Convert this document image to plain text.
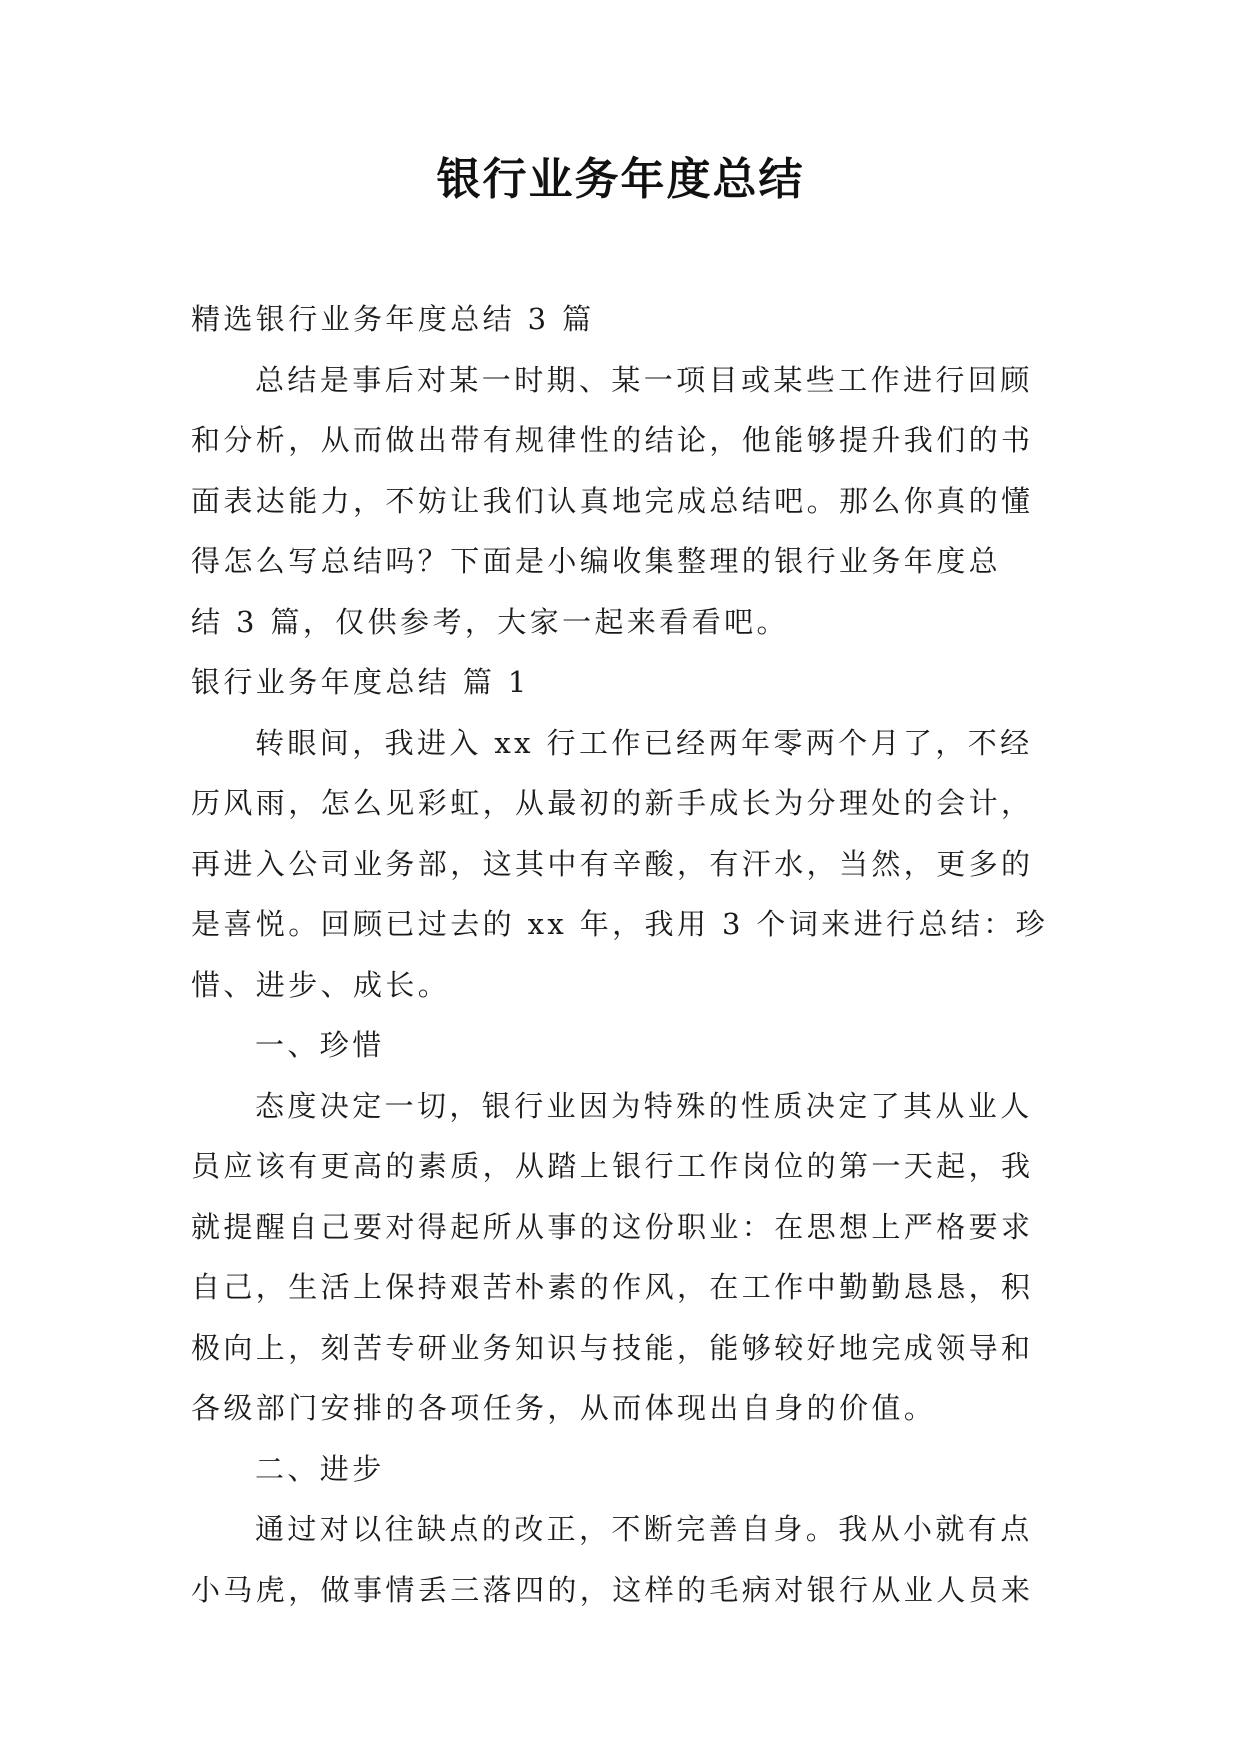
银行业务年度总结

精选银行业务年度总结 3 篇

总结是事后对某一时期、某一项目或某些工作进行回顾

和分析，从而做出带有规律性的结论，他能够提升我们的书

面表达能力，不妨让我们认真地完成总结吧。那么你真的懂

得怎么写总结吗？下面是小编收集整理的银行业务年度总

结 3 篇，仅供参考，大家一起来看看吧。

银行业务年度总结 篇 1

转眼间，我进入 xx 行工作已经两年零两个月了，不经

历风雨，怎么见彩虹，从最初的新手成长为分理处的会计，

再进入公司业务部，这其中有辛酸，有汗水，当然，更多的

是喜悦。回顾已过去的 xx 年，我用 3 个词来进行总结：珍

惜、进步、成长。

一、珍惜

态度决定一切，银行业因为特殊的性质决定了其从业人

员应该有更高的素质，从踏上银行工作岗位的第一天起，我

就提醒自己要对得起所从事的这份职业：在思想上严格要求

自己，生活上保持艰苦朴素的作风，在工作中勤勤恳恳，积

极向上，刻苦专研业务知识与技能，能够较好地完成领导和

各级部门安排的各项任务，从而体现出自身的价值。

二、进步

通过对以往缺点的改正，不断完善自身。我从小就有点

小马虎，做事情丢三落四的，这样的毛病对银行从业人员来
